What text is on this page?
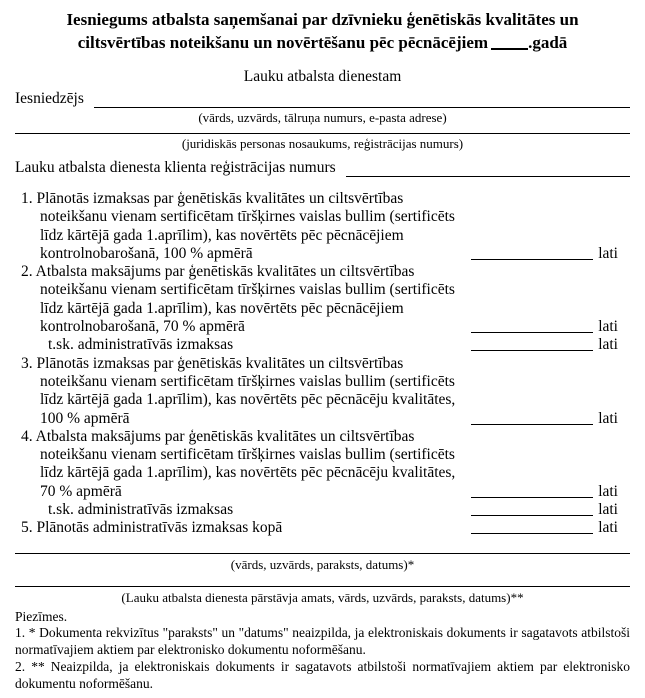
Iesniegums atbalsta saņemšanai par dzīvnieku ģenētiskās kvalitātes un
ciltsvērtības noteikšanu un novērtēšanu pēc pēcnācējiem .gadā
Lauku atbalsta dienestam
Iesniedzējs
(vārds, uzvārds, tālruņa numurs, e-pasta adrese)
(juridiskās personas nosaukums, reģistrācijas numurs)
Lauku atbalsta dienesta klienta reģistrācijas numurs
1. Plānotās izmaksas par ģenētiskās kvalitātes un ciltsvērtības
noteikšanu vienam sertificētam tīršķirnes vaislas bullim (sertificēts
līdz kārtējā gada 1.aprīlim), kas novērtēts pēc pēcnācējiem
kontrolnobarošanā, 100 % apmērā	lati
2. Atbalsta maksājums par ģenētiskās kvalitātes un ciltsvērtības
noteikšanu vienam sertificētam tīršķirnes vaislas bullim (sertificēts
līdz kārtējā gada 1.aprīlim), kas novērtēts pēc pēcnācējiem
kontrolnobarošanā, 70 % apmērā	lati
t.sk. administratīvās izmaksas	lati
3. Plānotās izmaksas par ģenētiskās kvalitātes un ciltsvērtības
noteikšanu vienam sertificētam tīršķirnes vaislas bullim (sertificēts
līdz kārtējā gada 1.aprīlim), kas novērtēts pēc pēcnācēju kvalitātes,
100 % apmērā	lati
4. Atbalsta maksājums par ģenētiskās kvalitātes un ciltsvērtības
noteikšanu vienam sertificētam tīršķirnes vaislas bullim (sertificēts
līdz kārtējā gada 1.aprīlim), kas novērtēts pēc pēcnācēju kvalitātes,
70 % apmērā	lati
t.sk. administratīvās izmaksas	lati
5. Plānotās administratīvās izmaksas kopā	lati
(vārds, uzvārds, paraksts, datums)*
(Lauku atbalsta dienesta pārstāvja amats, vārds, uzvārds, paraksts, datums)**
Piezīmes.
1. * Dokumenta rekvizītus "paraksts" un "datums" neaizpilda, ja elektroniskais dokuments ir sagatavots atbilstoši normatīvajiem aktiem par elektronisko dokumentu noformēšanu.
2. ** Neaizpilda, ja elektroniskais dokuments ir sagatavots atbilstoši normatīvajiem aktiem par elektronisko dokumentu noformēšanu.
